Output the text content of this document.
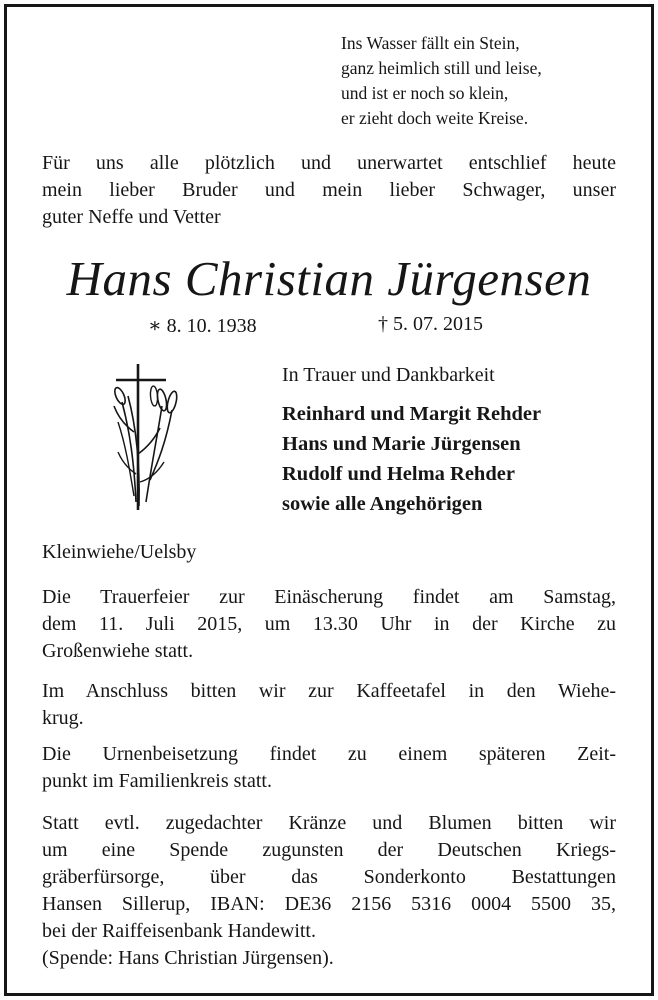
Ins Wasser fällt ein Stein,
ganz heimlich still und leise,
und ist er noch so klein,
er zieht doch weite Kreise.
Für uns alle plötzlich und unerwartet entschlief heute
mein lieber Bruder und mein lieber Schwager, unser
guter Neffe und Vetter
Hans Christian Jürgensen
∗ 8. 10. 1938	† 5. 07. 2015
In Trauer und Dankbarkeit
Reinhard und Margit Rehder
Hans und Marie Jürgensen
Rudolf und Helma Rehder
sowie alle Angehörigen
Kleinwiehe/Uelsby
Die Trauerfeier zur Einäscherung findet am Samstag,
dem 11. Juli 2015, um 13.30 Uhr in der Kirche zu
Großenwiehe statt.
Im Anschluss bitten wir zur Kaffeetafel in den Wiehe-
krug.
Die Urnenbeisetzung findet zu einem späteren Zeit-
punkt im Familienkreis statt.
Statt evtl. zugedachter Kränze und Blumen bitten wir
um eine Spende zugunsten der Deutschen Kriegs-
gräberfürsorge, über das Sonderkonto Bestattungen
Hansen Sillerup, IBAN: DE36 2156 5316 0004 5500 35,
bei der Raiffeisenbank Handewitt.
(Spende: Hans Christian Jürgensen).
